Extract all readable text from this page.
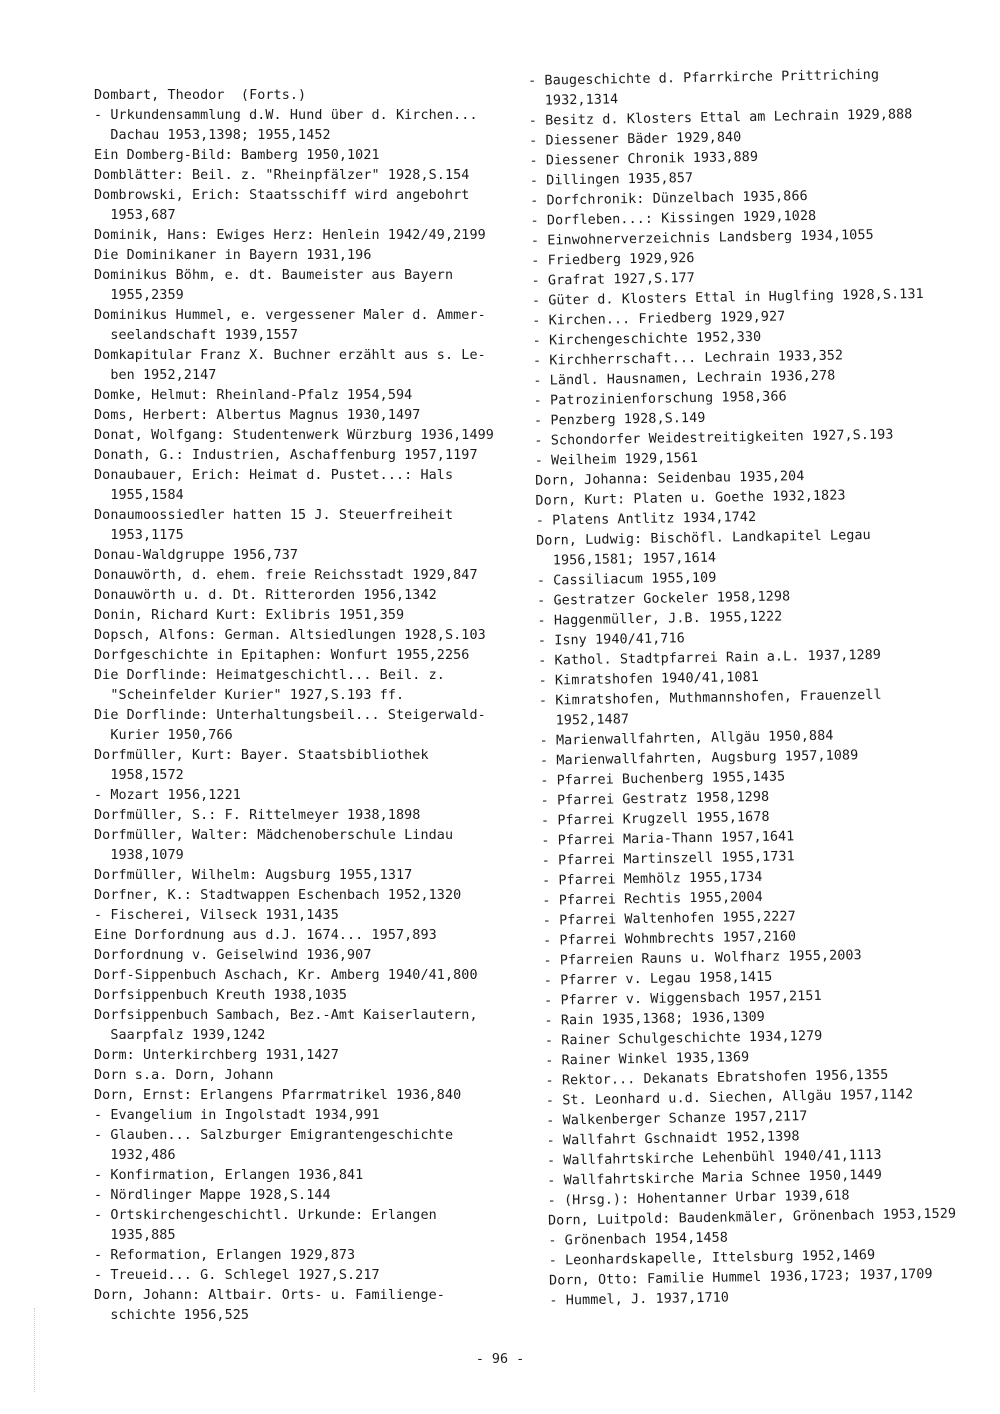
Dombart, Theodor  (Forts.)
- Urkundensammlung d.W. Hund über d. Kirchen...
Dachau 1953,1398; 1955,1452
Ein Domberg-Bild: Bamberg 1950,1021
Domblätter: Beil. z. "Rheinpfälzer" 1928,S.154
Dombrowski, Erich: Staatsschiff wird angebohrt
1953,687
Dominik, Hans: Ewiges Herz: Henlein 1942/49,2199
Die Dominikaner in Bayern 1931,196
Dominikus Böhm, e. dt. Baumeister aus Bayern
1955,2359
Dominikus Hummel, e. vergessener Maler d. Ammer-
seelandschaft 1939,1557
Domkapitular Franz X. Buchner erzählt aus s. Le-
ben 1952,2147
Domke, Helmut: Rheinland-Pfalz 1954,594
Doms, Herbert: Albertus Magnus 1930,1497
Donat, Wolfgang: Studentenwerk Würzburg 1936,1499
Donath, G.: Industrien, Aschaffenburg 1957,1197
Donaubauer, Erich: Heimat d. Pustet...: Hals
1955,1584
Donaumoossiedler hatten 15 J. Steuerfreiheit
1953,1175
Donau-Waldgruppe 1956,737
Donauwörth, d. ehem. freie Reichsstadt 1929,847
Donauwörth u. d. Dt. Ritterorden 1956,1342
Donin, Richard Kurt: Exlibris 1951,359
Dopsch, Alfons: German. Altsiedlungen 1928,S.103
Dorfgeschichte in Epitaphen: Wonfurt 1955,2256
Die Dorflinde: Heimatgeschichtl... Beil. z.
"Scheinfelder Kurier" 1927,S.193 ff.
Die Dorflinde: Unterhaltungsbeil... Steigerwald-
Kurier 1950,766
Dorfmüller, Kurt: Bayer. Staatsbibliothek
1958,1572
- Mozart 1956,1221
Dorfmüller, S.: F. Rittelmeyer 1938,1898
Dorfmüller, Walter: Mädchenoberschule Lindau
1938,1079
Dorfmüller, Wilhelm: Augsburg 1955,1317
Dorfner, K.: Stadtwappen Eschenbach 1952,1320
- Fischerei, Vilseck 1931,1435
Eine Dorfordnung aus d.J. 1674... 1957,893
Dorfordnung v. Geiselwind 1936,907
Dorf-Sippenbuch Aschach, Kr. Amberg 1940/41,800
Dorfsippenbuch Kreuth 1938,1035
Dorfsippenbuch Sambach, Bez.-Amt Kaiserlautern,
Saarpfalz 1939,1242
Dorm: Unterkirchberg 1931,1427
Dorn s.a. Dorn, Johann
Dorn, Ernst: Erlangens Pfarrmatrikel 1936,840
- Evangelium in Ingolstadt 1934,991
- Glauben... Salzburger Emigrantengeschichte
1932,486
- Konfirmation, Erlangen 1936,841
- Nördlinger Mappe 1928,S.144
- Ortskirchengeschichtl. Urkunde: Erlangen
1935,885
- Reformation, Erlangen 1929,873
- Treueid... G. Schlegel 1927,S.217
Dorn, Johann: Altbair. Orts- u. Familienge-
schichte 1956,525
- Baugeschichte d. Pfarrkirche Prittriching
1932,1314
- Besitz d. Klosters Ettal am Lechrain 1929,888
- Diessener Bäder 1929,840
- Diessener Chronik 1933,889
- Dillingen 1935,857
- Dorfchronik: Dünzelbach 1935,866
- Dorfleben...: Kissingen 1929,1028
- Einwohnerverzeichnis Landsberg 1934,1055
- Friedberg 1929,926
- Grafrat 1927,S.177
- Güter d. Klosters Ettal in Huglfing 1928,S.131
- Kirchen... Friedberg 1929,927
- Kirchengeschichte 1952,330
- Kirchherrschaft... Lechrain 1933,352
- Ländl. Hausnamen, Lechrain 1936,278
- Patrozinienforschung 1958,366
- Penzberg 1928,S.149
- Schondorfer Weidestreitigkeiten 1927,S.193
- Weilheim 1929,1561
Dorn, Johanna: Seidenbau 1935,204
Dorn, Kurt: Platen u. Goethe 1932,1823
- Platens Antlitz 1934,1742
Dorn, Ludwig: Bischöfl. Landkapitel Legau
1956,1581; 1957,1614
- Cassiliacum 1955,109
- Gestratzer Gockeler 1958,1298
- Haggenmüller, J.B. 1955,1222
- Isny 1940/41,716
- Kathol. Stadtpfarrei Rain a.L. 1937,1289
- Kimratshofen 1940/41,1081
- Kimratshofen, Muthmannshofen, Frauenzell
1952,1487
- Marienwallfahrten, Allgäu 1950,884
- Marienwallfahrten, Augsburg 1957,1089
- Pfarrei Buchenberg 1955,1435
- Pfarrei Gestratz 1958,1298
- Pfarrei Krugzell 1955,1678
- Pfarrei Maria-Thann 1957,1641
- Pfarrei Martinszell 1955,1731
- Pfarrei Memhölz 1955,1734
- Pfarrei Rechtis 1955,2004
- Pfarrei Waltenhofen 1955,2227
- Pfarrei Wohmbrechts 1957,2160
- Pfarreien Rauns u. Wolfharz 1955,2003
- Pfarrer v. Legau 1958,1415
- Pfarrer v. Wiggensbach 1957,2151
- Rain 1935,1368; 1936,1309
- Rainer Schulgeschichte 1934,1279
- Rainer Winkel 1935,1369
- Rektor... Dekanats Ebratshofen 1956,1355
- St. Leonhard u.d. Siechen, Allgäu 1957,1142
- Walkenberger Schanze 1957,2117
- Wallfahrt Gschnaidt 1952,1398
- Wallfahrtskirche Lehenbühl 1940/41,1113
- Wallfahrtskirche Maria Schnee 1950,1449
- (Hrsg.): Hohentanner Urbar 1939,618
Dorn, Luitpold: Baudenkmäler, Grönenbach 1953,1529
- Grönenbach 1954,1458
- Leonhardskapelle, Ittelsburg 1952,1469
Dorn, Otto: Familie Hummel 1936,1723; 1937,1709
- Hummel, J. 1937,1710
- 96 -
